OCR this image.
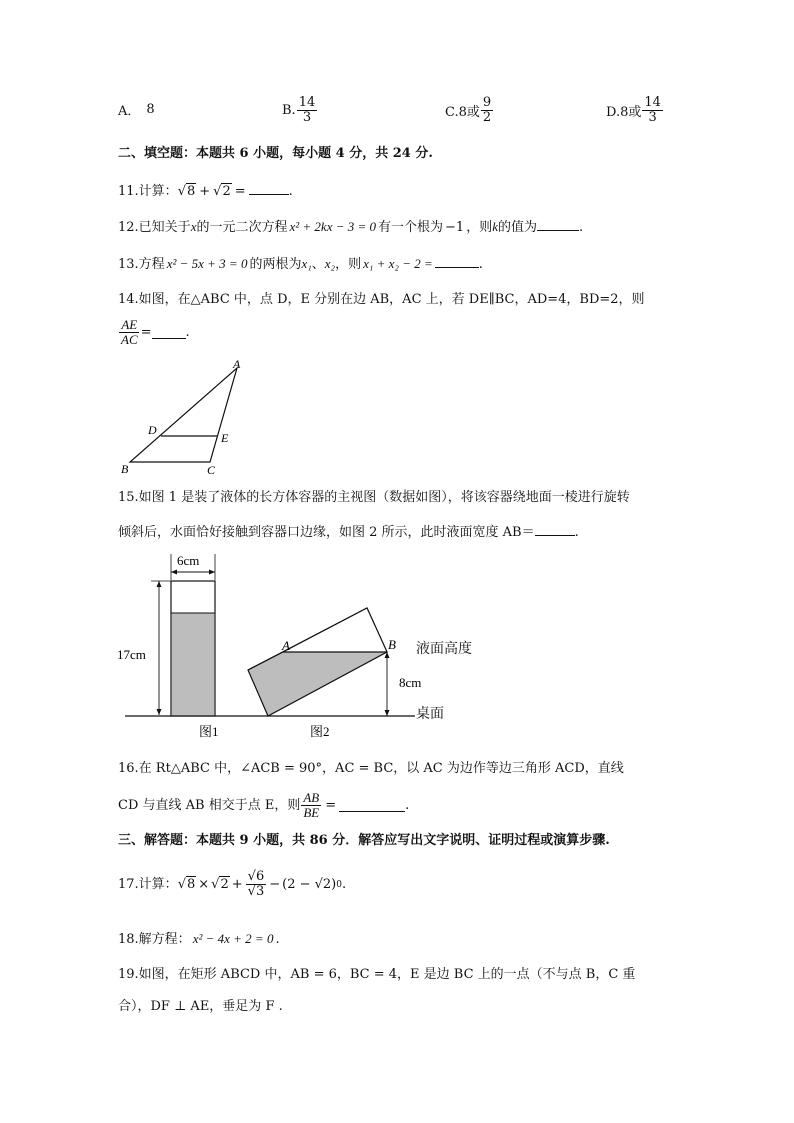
A． 8	B. $\frac{14}{3}$	C.8或 $\frac{9}{2}$	D.8或 $\frac{14}{3}$
二、填空题：本题共 6 小题，每小题 4 分，共 24 分.
11.计算：√8 + √2 =	.
12.已知关于x的一元二次方程 x² + 2kx − 3 = 0 有一个根为 −1 ，则k的值为	.
13.方程 x² − 5x + 3 = 0 的两根为x₁、x₂，则 x₁ + x₂ − 2 =	.
14.如图，在△ABC 中，点 D，E 分别在边 AB，AC 上，若 DE∥BC，AD=4，BD=2，则
$\frac{AE}{AC}$ =	.
A
B	C
D
E
15.如图 1 是装了液体的长方体容器的主视图（数据如图），将该容器绕地面一棱进行旋转
倾斜后，水面恰好接触到容器口边缘，如图 2 所示，此时液面宽度 AB＝	.
6cm
17cm
A	B
8cm
图1	图2
液面高度
桌面
16.在 Rt△ABC 中，∠ACB = 90°，AC = BC，以 AC 为边作等边三角形 ACD，直线
CD 与直线 AB 相交于点 E，则 $\frac{AB}{BE}$ =	.
三、解答题：本题共 9 小题，共 86 分．解答应写出文字说明、证明过程或演算步骤.
17.计算： $√8 \times √2 + \frac{√6}{√3} - (2 - √2)$ 0 .
18.解方程： x² − 4x + 2 = 0 .
19.如图，在矩形 ABCD 中，AB = 6，BC = 4，E 是边 BC 上的一点（不与点 B，C 重
合），DF ⊥ AE，垂足为 F .
